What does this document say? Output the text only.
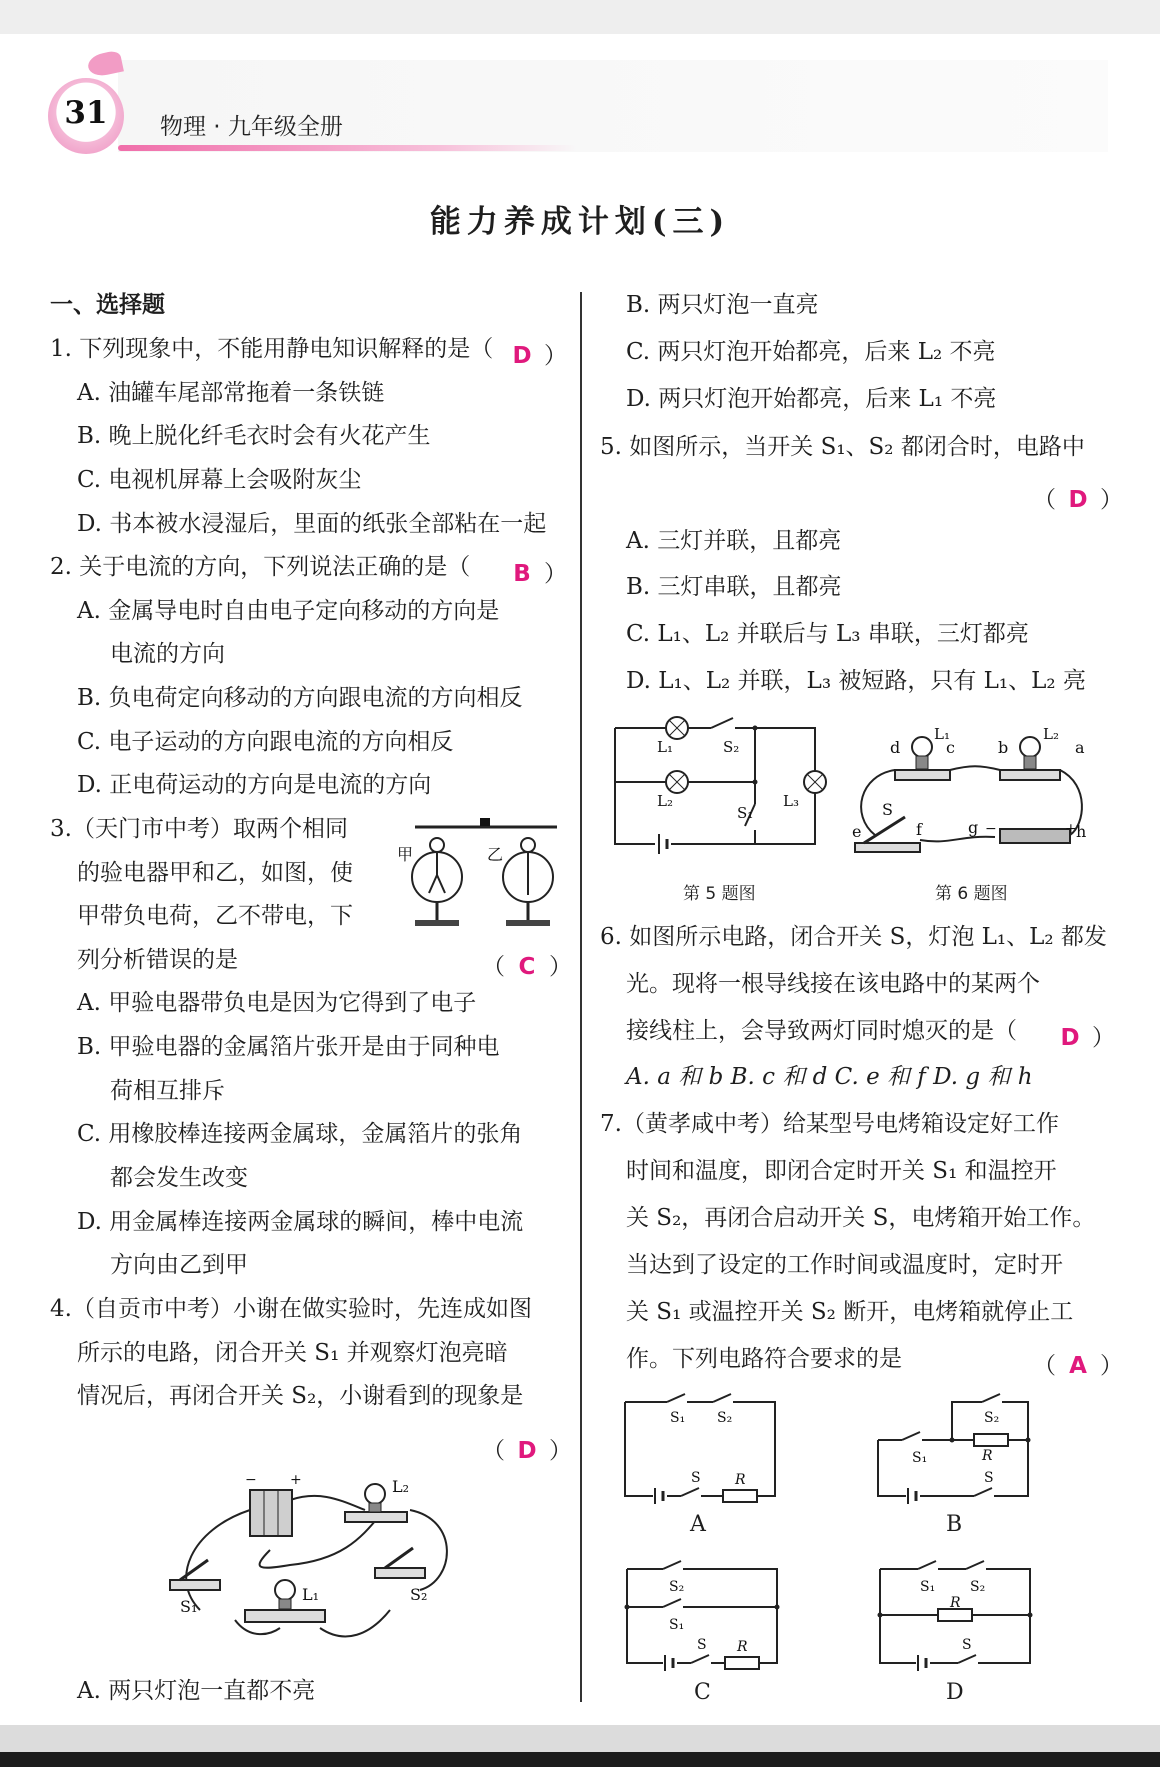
31	物理 · 九年级全册
能力养成计划(三)
一、选择题
1. 下列现象中，不能用静电知识解释的是（ D ）
A. 油罐车尾部常拖着一条铁链
B. 晚上脱化纤毛衣时会有火花产生
C. 电视机屏幕上会吸附灰尘
D. 书本被水浸湿后，里面的纸张全部粘在一起
2. 关于电流的方向，下列说法正确的是（	B ）
A. 金属导电时自由电子定向移动的方向是
电流的方向
B. 负电荷定向移动的方向跟电流的方向相反
C. 电子运动的方向跟电流的方向相反
D. 正电荷运动的方向是电流的方向
3.（天门市中考）取两个相同
的验电器甲和乙，如图，使
甲带负电荷，乙不带电，下
列分析错误的是	（ C ）
甲	乙
A. 甲验电器带负电是因为它得到了电子
B. 甲验电器的金属箔片张开是由于同种电
荷相互排斥
C. 用橡胶棒连接两金属球，金属箔片的张角
都会发生改变
D. 用金属棒连接两金属球的瞬间，棒中电流
方向由乙到甲
4.（自贡市中考）小谢在做实验时，先连成如图
所示的电路，闭合开关 S₁ 并观察灯泡亮暗
情况后，再闭合开关 S₂，小谢看到的现象是
（ D ）
− +	L₂
L₁
S₁
S₂
A. 两只灯泡一直都不亮
B. 两只灯泡一直亮
C. 两只灯泡开始都亮，后来 L₂ 不亮
D. 两只灯泡开始都亮，后来 L₁ 不亮
5. 如图所示，当开关 S₁、S₂ 都闭合时，电路中
（ D ）
A. 三灯并联，且都亮
B. 三灯串联，且都亮
C. L₁、L₂ 并联后与 L₃ 串联，三灯都亮
D. L₁、L₂ 并联，L₃ 被短路，只有 L₁、L₂ 亮
L₁	S₂
L₂
S₁
L₃
第 5 题图
d
L₁
c	b
L₂
a
S
e	f	g −	+ h
第 6 题图
6. 如图所示电路，闭合开关 S，灯泡 L₁、L₂ 都发
光。现将一根导线接在该电路中的某两个
接线柱上，会导致两灯同时熄灭的是（	D ）
A. a 和 b B. c 和 d C. e 和 f D. g 和 h
7.（黄孝咸中考）给某型号电烤箱设定好工作
时间和温度，即闭合定时开关 S₁ 和温控开
关 S₂，再闭合启动开关 S，电烤箱开始工作。
当达到了设定的工作时间或温度时，定时开
关 S₁ 或温控开关 S₂ 断开，电烤箱就停止工
作。下列电路符合要求的是	（ A ）
S₁ S₂
S R
A
S₁
S₂
R
S
B
S₂
S₁
S R
C
S₁ S₂
R
S
D
